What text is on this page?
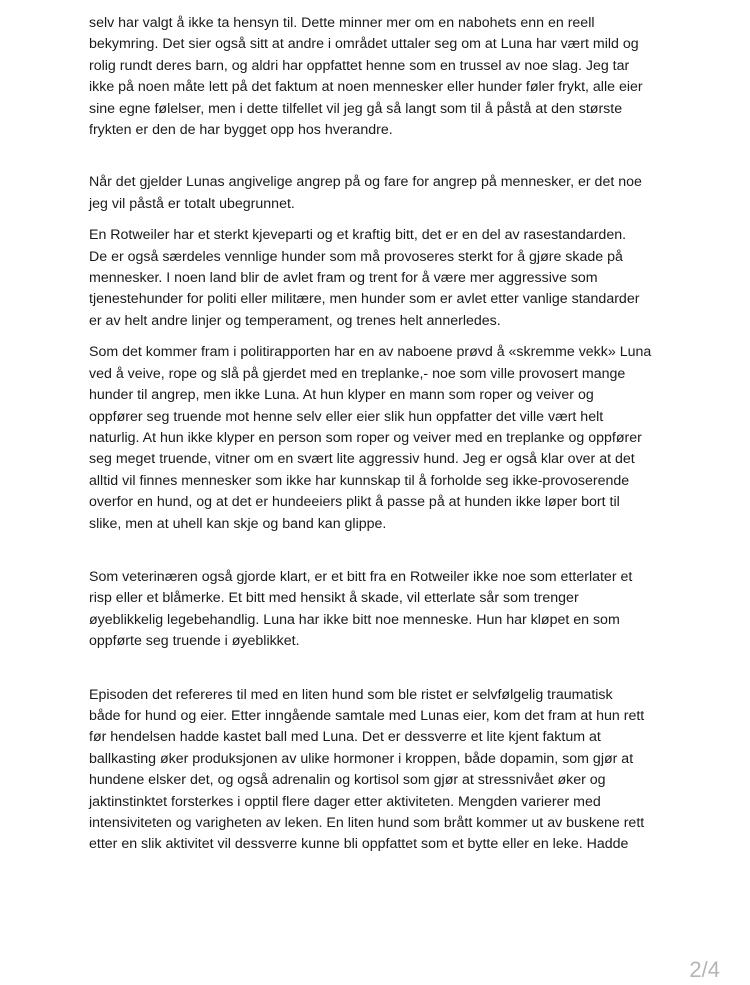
selv har valgt å ikke ta hensyn til. Dette minner mer om en nabohets enn en reell
bekymring. Det sier også sitt at andre i området uttaler seg om at Luna har vært mild og
rolig rundt deres barn, og aldri har oppfattet henne som en trussel av noe slag. Jeg tar
ikke på noen måte lett på det faktum at noen mennesker eller hunder føler frykt, alle eier
sine egne følelser, men i dette tilfellet vil jeg gå så langt som til å påstå at den største
frykten er den de har bygget opp hos hverandre.

Når det gjelder Lunas angivelige angrep på og fare for angrep på mennesker, er det noe
jeg vil påstå er totalt ubegrunnet.

En Rotweiler har et sterkt kjeveparti og et kraftig bitt, det er en del av rasestandarden.
De er også særdeles vennlige hunder som må provoseres sterkt for å gjøre skade på
mennesker. I noen land blir de avlet fram og trent for å være mer aggressive som
tjenestehunder for politi eller militære, men hunder som er avlet etter vanlige standarder
er av helt andre linjer og temperament, og trenes helt annerledes.

Som det kommer fram i politirapporten har en av naboene prøvd å «skremme vekk» Luna
ved å veive, rope og slå på gjerdet med en treplanke,- noe som ville provosert mange
hunder til angrep, men ikke Luna. At hun klyper en mann som roper og veiver og
oppfører seg truende mot henne selv eller eier slik hun oppfatter det ville vært helt
naturlig. At hun ikke klyper en person som roper og veiver med en treplanke og oppfører
seg meget truende, vitner om en svært lite aggressiv hund. Jeg er også klar over at det
alltid vil finnes mennesker som ikke har kunnskap til å forholde seg ikke-provoserende
overfor en hund, og at det er hundeeiers plikt å passe på at hunden ikke løper bort til
slike, men at uhell kan skje og band kan glippe.

Som veterinæren også gjorde klart, er et bitt fra en Rotweiler ikke noe som etterlater et
risp eller et blåmerke. Et bitt med hensikt å skade, vil etterlate sår som trenger
øyeblikkelig legebehandlig. Luna har ikke bitt noe menneske. Hun har kløpet en som
oppførte seg truende i øyeblikket.

Episoden det refereres til med en liten hund som ble ristet er selvfølgelig traumatisk
både for hund og eier. Etter inngående samtale med Lunas eier, kom det fram at hun rett
før hendelsen hadde kastet ball med Luna. Det er dessverre et lite kjent faktum at
ballkasting øker produksjonen av ulike hormoner i kroppen, både dopamin, som gjør at
hundene elsker det, og også adrenalin og kortisol som gjør at stressnivået øker og
jaktinstinktet forsterkes i opptil flere dager etter aktiviteten. Mengden varierer med
intensiviteten og varigheten av leken. En liten hund som brått kommer ut av buskene rett
etter en slik aktivitet vil dessverre kunne bli oppfattet som et bytte eller en leke. Hadde

2/4
